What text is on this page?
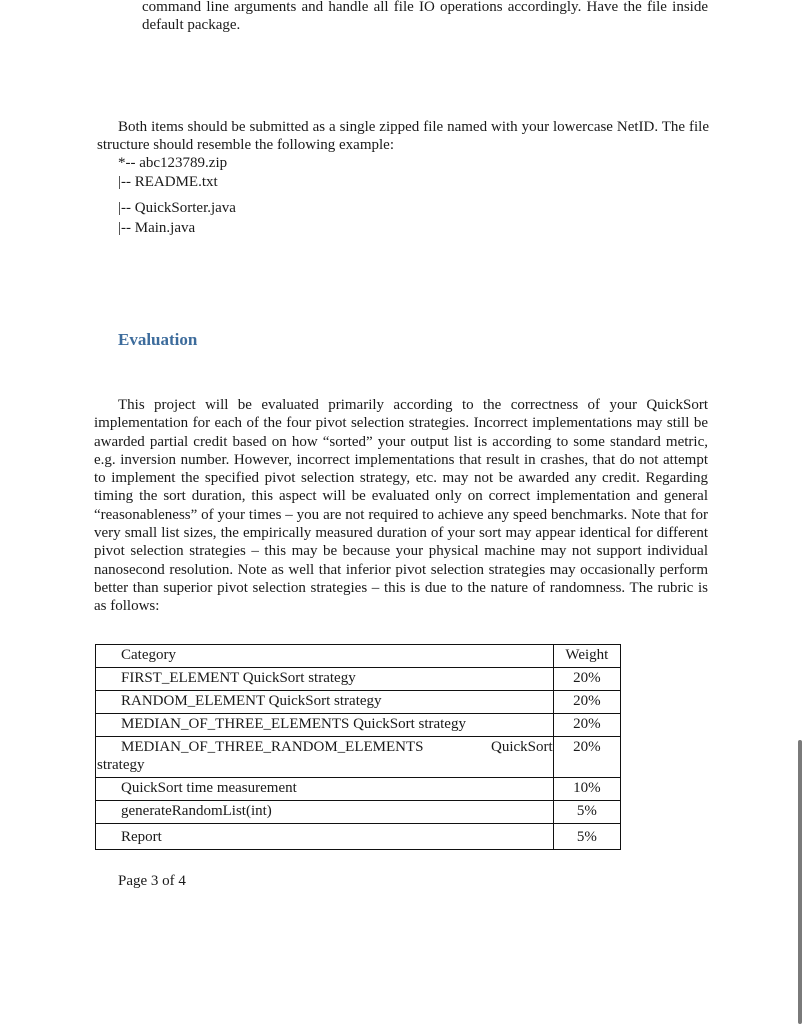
command line arguments and handle all file IO operations accordingly. Have the file inside default package.

Both items should be submitted as a single zipped file named with your lowercase NetID. The file structure should resemble the following example:

*-- abc123789.zip

|-- README.txt

|-- QuickSorter.java

|-- Main.java

Evaluation

This project will be evaluated primarily according to the correctness of your QuickSort implementation for each of the four pivot selection strategies. Incorrect implementations may still be awarded partial credit based on how “sorted” your output list is according to some standard metric, e.g. inversion number. However, incorrect implementations that result in crashes, that do not attempt to implement the specified pivot selection strategy, etc. may not be awarded any credit. Regarding timing the sort duration, this aspect will be evaluated only on correct implementation and general “reasonableness” of your times – you are not required to achieve any speed benchmarks. Note that for very small list sizes, the empirically measured duration of your sort may appear identical for different pivot selection strategies – this may be because your physical machine may not support individual nanosecond resolution. Note as well that inferior pivot selection strategies may occasionally perform better than superior pivot selection strategies – this is due to the nature of randomness. The rubric is as follows:

Category	Weight
FIRST_ELEMENT QuickSort strategy	20%
RANDOM_ELEMENT QuickSort strategy	20%
MEDIAN_OF_THREE_ELEMENTS QuickSort strategy	20%

MEDIAN_OF_THREE_RANDOM_ELEMENTS QuickSort
strategy	20%
QuickSort time measurement	10%
generateRandomList(int)	5%
Report	5%

Page 3 of 4
